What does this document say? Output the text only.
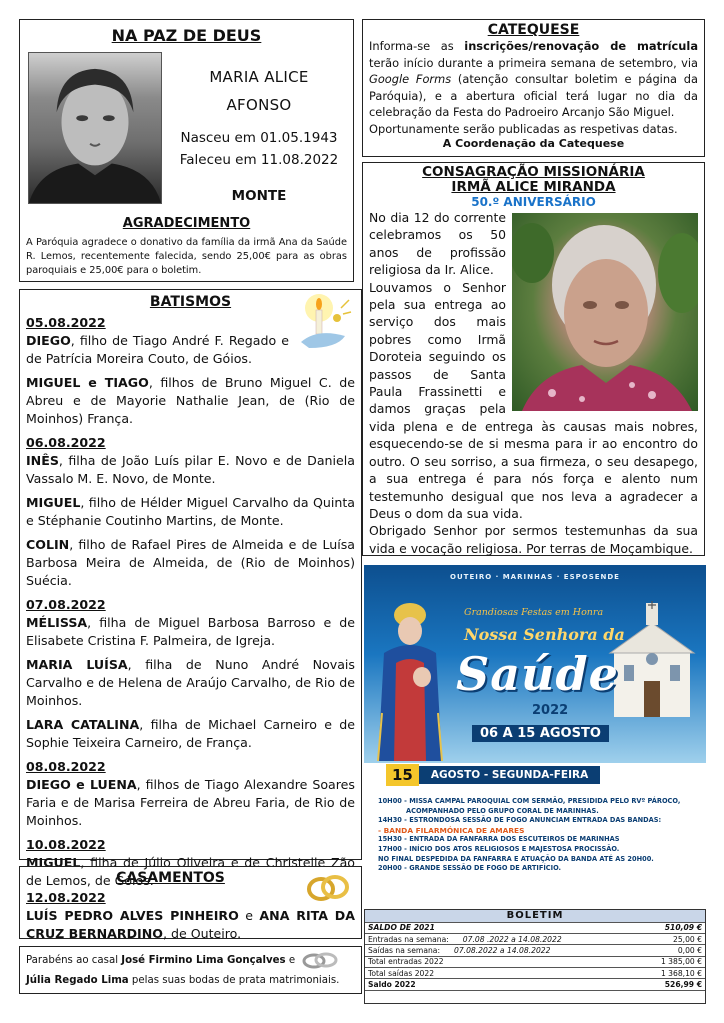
NA PAZ DE DEUS
MARIA ALICE
AFONSO
Nasceu em 01.05.1943
Faleceu em 11.08.2022
MONTE
AGRADECIMENTO
A Paróquia agradece o donativo da família da irmã Ana da Saúde R. Lemos, recentemente falecida, sendo 25,00€ para as obras paroquiais e 25,00€ para o boletim.
BATISMOS
05.08.2022

DIEGO, filho de Tiago André F. Regado e de Patrícia Moreira Couto, de Góios.

MIGUEL e TIAGO, filhos de Bruno Miguel C. de Abreu e de Mayorie Nathalie Jean, de (Rio de Moinhos) França.

06.08.2022

INÊS, filha de João Luís pilar E. Novo e de Daniela Vassalo M. E. Novo, de Monte.

MIGUEL, filho de Hélder Miguel Carvalho da Quinta e Stéphanie Coutinho Martins, de Monte.

COLIN, filho de Rafael Pires de Almeida e de Luísa Barbosa Meira de Almeida, de (Rio de Moinhos) Suécia.

07.08.2022

MÉLISSA, filha de Miguel Barbosa Barroso e de Elisabete Cristina F. Palmeira, de Igreja.

MARIA LUÍSA, filha de Nuno André Novais Carvalho e de Helena de Araújo Carvalho, de Rio de Moinhos.

LARA CATALINA, filha de Michael Carneiro e de Sophie Teixeira Carneiro, de França.

08.08.2022

DIEGO e LUENA, filhos de Tiago Alexandre Soares Faria e de Marisa Ferreira de Abreu Faria, de Rio de Moinhos.

10.08.2022

MIGUEL, filha de Júlio Oliveira e de Christelle Zão de Lemos, de Góios.

CASAMENTOS
12.08.2022
LUÍS PEDRO ALVES PINHEIRO e ANA RITA DA CRUZ BERNARDINO, de Outeiro.
Parabéns ao casal José Firmino Lima Gonçalves e
Júlia Regado Lima pelas suas bodas de prata matrimoniais.
CATEQUESE
Informa-se as inscrições/renovação de matrícula terão início durante a primeira semana de setembro, via Google Forms (atenção consultar boletim e página da Paróquia), e a abertura oficial terá lugar no dia da celebração da Festa do Padroeiro Arcanjo São Miguel.
Oportunamente serão publicadas as respetivas datas.
A Coordenação da Catequese
CONSAGRAÇÃO MISSIONÁRIA
IRMÃ ALICE MIRANDA
50.º ANIVERSÁRIO
No dia 12 do corrente celebramos os 50 anos de profissão religiosa da Ir. Alice.
Louvamos o Senhor pela sua entrega ao serviço dos mais pobres como Irmã Doroteia seguindo os passos de Santa Paula Frassinetti e damos graças pela vida plena e de entrega às causas mais nobres, esquecendo-se de si mesma para ir ao encontro do outro. O seu sorriso, a sua firmeza, o seu desapego, a sua entrega é para nós força e alento num testemunho desigual que nos leva a agradecer a Deus o dom da sua vida.
Obrigado Senhor por sermos testemunhas da sua vida e vocação religiosa. Por terras de Moçambique.
OUTEIRO · MARINHAS · ESPOSENDE
Grandiosas Festas em Honra
Nossa Senhora da
Saúde
2022
06 A 15 AGOSTO
15	AGOSTO - SEGUNDA-FEIRA
10H00 - MISSA CAMPAL PAROQUIAL COM SERMÃO, PRESIDIDA PELO RVº PÁROCO,
ACOMPANHADO PELO GRUPO CORAL DE MARINHAS.
14H30 - ESTRONDOSA SESSÃO DE FOGO ANUNCIAM ENTRADA DAS BANDAS:
- BANDA FILARMÓNICA DE AMARES
15H30 - ENTRADA DA FANFARRA DOS ESCUTEIROS DE MARINHAS
17H00 - INÍCIO DOS ATOS RELIGIOSOS E MAJESTOSA PROCISSÃO.
NO FINAL DESPEDIDA DA FANFARRA E ATUAÇÃO DA BANDA ATÉ AS 20H00.
20H00 - GRANDE SESSÃO DE FOGO DE ARTIFÍCIO.
BOLETIM	
SALDO DE 2021	510,09 €
Entradas na semana: 07.08 .2022 a 14.08.2022	25,00 €
Saídas na semana: 07.08.2022 a 14.08.2022	0,00 €
Total entradas 2022	1 385,00 €
Total saídas 2022	1 368,10 €
Saldo 2022	526,99 €
